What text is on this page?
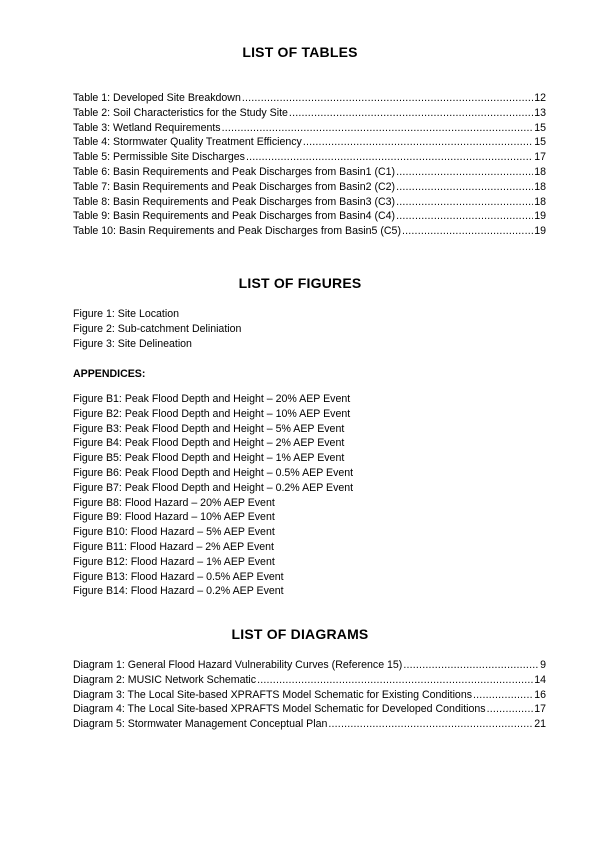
LIST OF TABLES
Table 1: Developed Site Breakdown .....	12
Table 2: Soil Characteristics for the Study Site .....	13
Table 3: Wetland Requirements .....	15
Table 4: Stormwater Quality Treatment Efficiency .....	15
Table 5: Permissible Site Discharges .....	17
Table 6: Basin Requirements and Peak Discharges from Basin1 (C1) .....	18
Table 7: Basin Requirements and Peak Discharges from Basin2 (C2) .....	18
Table 8: Basin Requirements and Peak Discharges from Basin3 (C3) .....	18
Table 9: Basin Requirements and Peak Discharges from Basin4 (C4) .....	19
Table 10: Basin Requirements and Peak Discharges from Basin5 (C5) .....	19
LIST OF FIGURES
Figure 1: Site Location
Figure 2: Sub-catchment Deliniation
Figure 3: Site Delineation
APPENDICES:
Figure B1: Peak Flood Depth and Height – 20% AEP Event
Figure B2: Peak Flood Depth and Height – 10% AEP Event
Figure B3: Peak Flood Depth and Height – 5% AEP Event
Figure B4: Peak Flood Depth and Height – 2% AEP Event
Figure B5: Peak Flood Depth and Height – 1% AEP Event
Figure B6: Peak Flood Depth and Height – 0.5% AEP Event
Figure B7: Peak Flood Depth and Height – 0.2% AEP Event
Figure B8: Flood Hazard – 20% AEP Event
Figure B9: Flood Hazard – 10% AEP Event
Figure B10: Flood Hazard – 5% AEP Event
Figure B11: Flood Hazard – 2% AEP Event
Figure B12: Flood Hazard – 1% AEP Event
Figure B13: Flood Hazard – 0.5% AEP Event
Figure B14: Flood Hazard – 0.2% AEP Event
LIST OF DIAGRAMS
Diagram 1: General Flood Hazard Vulnerability Curves (Reference 15) .....	9
Diagram 2: MUSIC Network Schematic .....	14
Diagram 3: The Local Site-based XPRAFTS Model Schematic for Existing Conditions .....	16
Diagram 4: The Local Site-based XPRAFTS Model Schematic for Developed Conditions .....	17
Diagram 5: Stormwater Management Conceptual Plan .....	21
